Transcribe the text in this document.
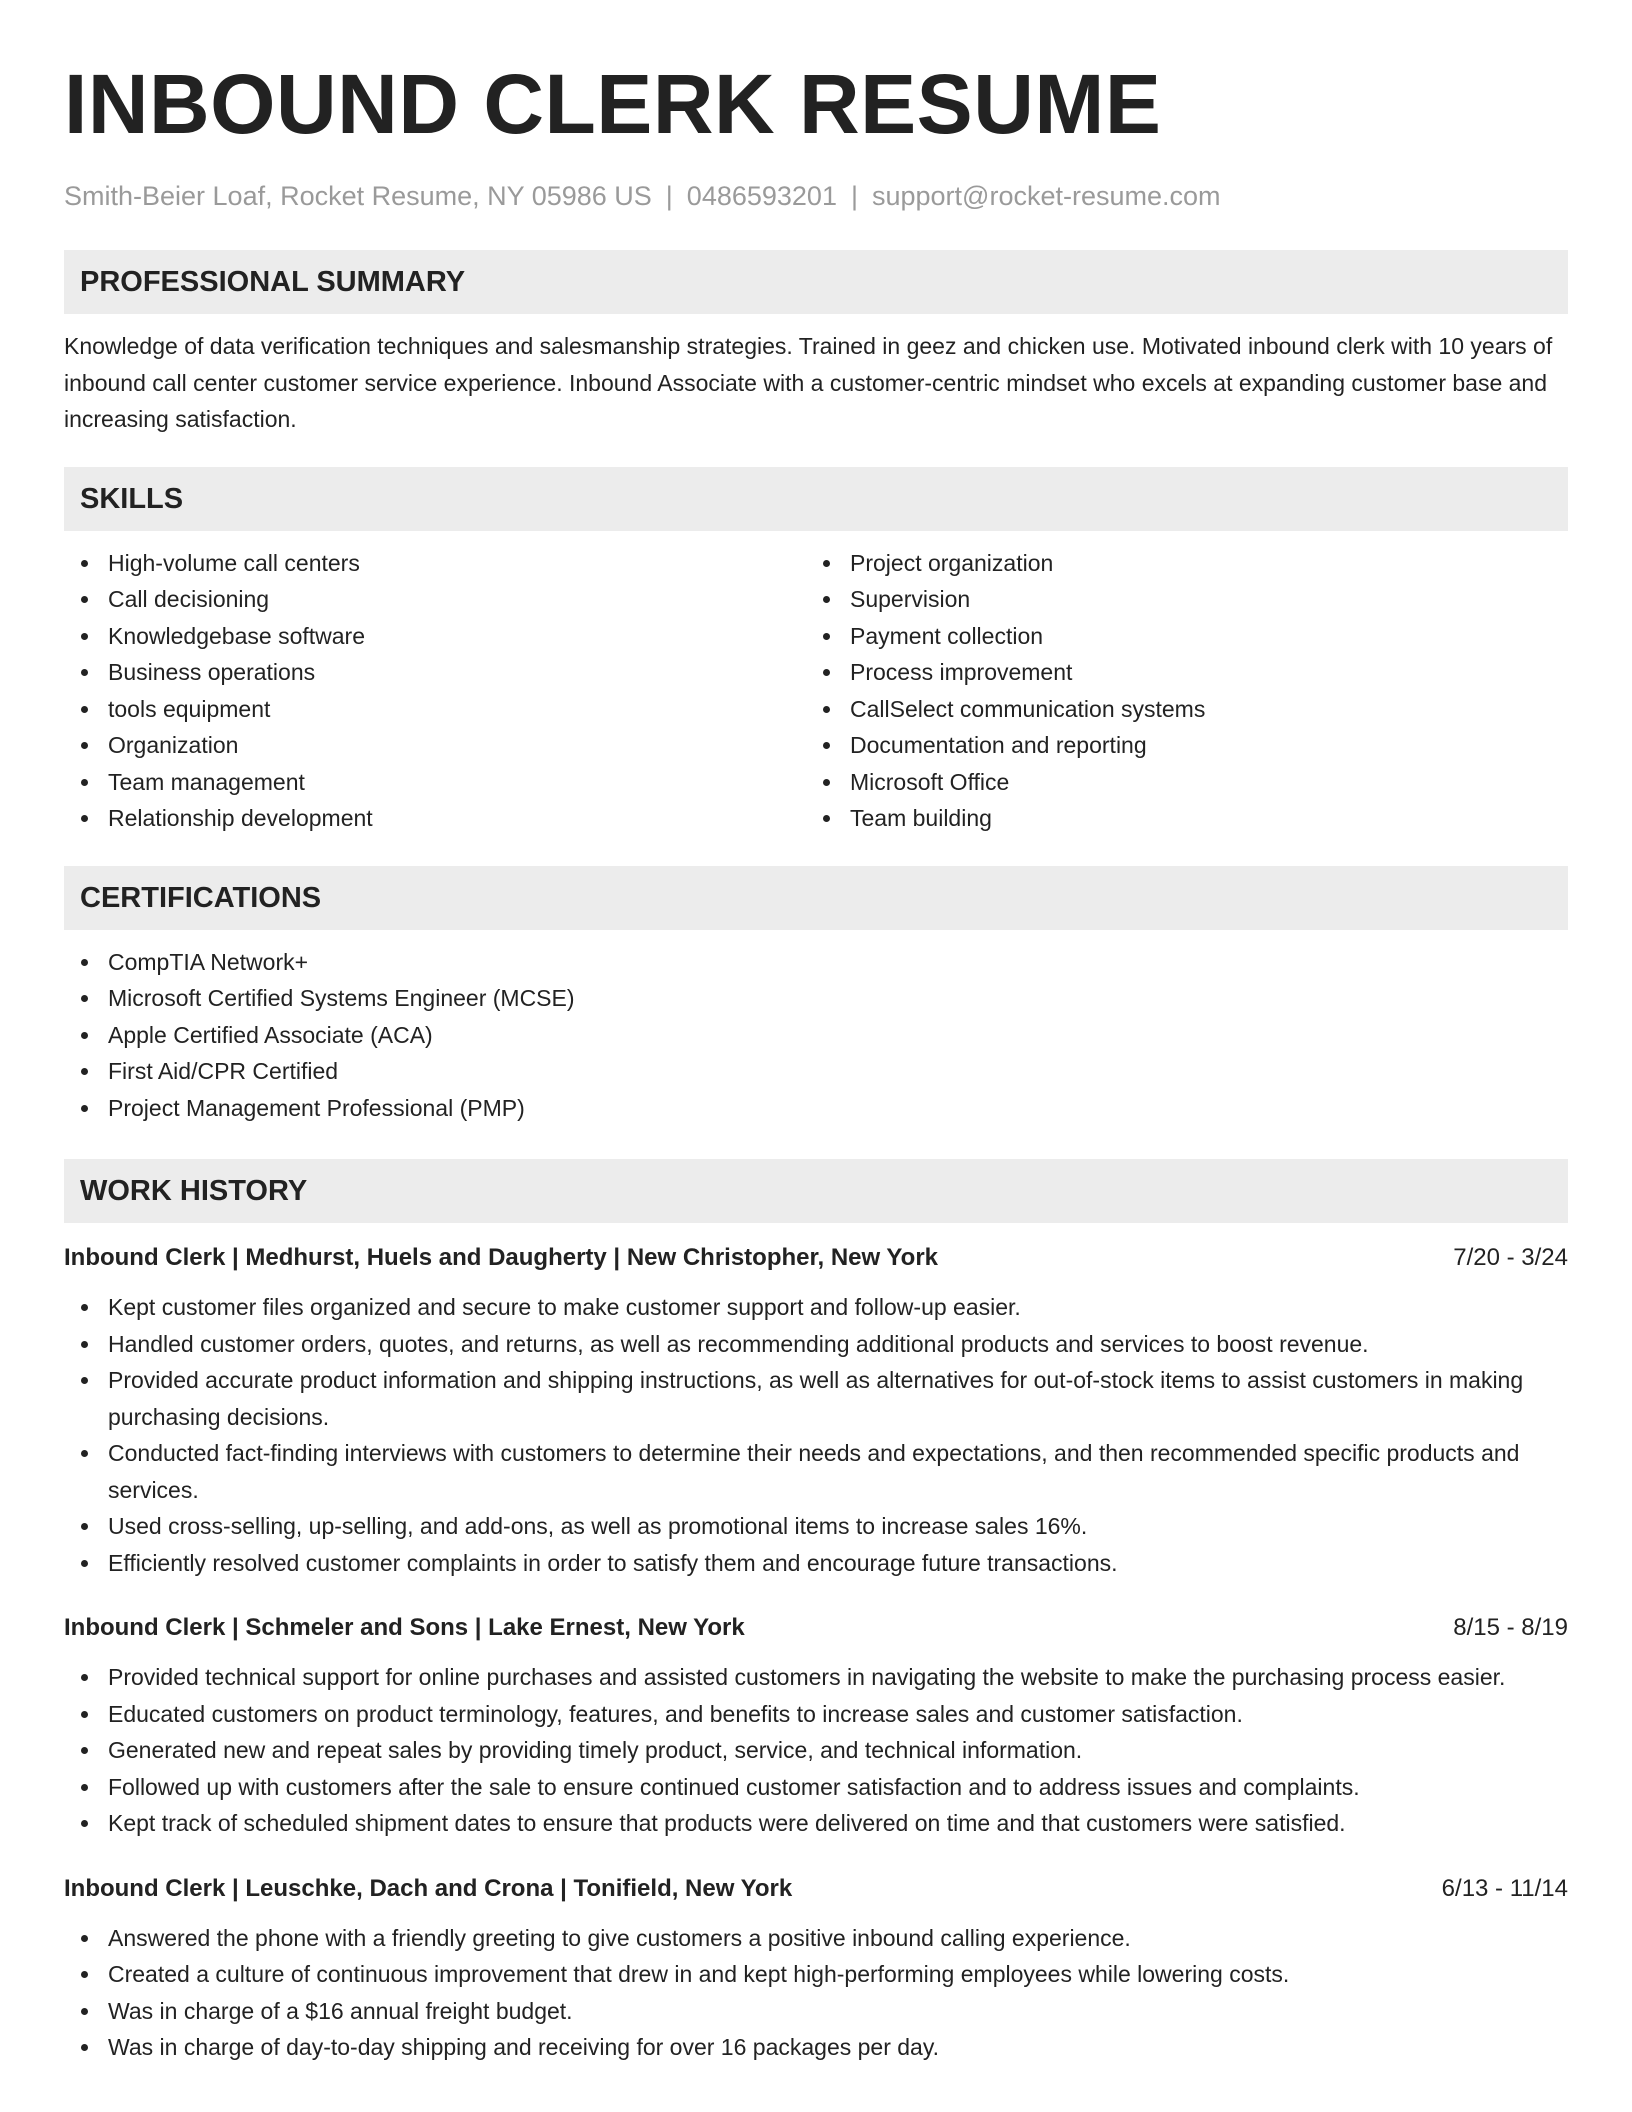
INBOUND CLERK RESUME
Smith-Beier Loaf, Rocket Resume, NY 05986 US | 0486593201 | support@rocket-resume.com
PROFESSIONAL SUMMARY
Knowledge of data verification techniques and salesmanship strategies. Trained in geez and chicken use. Motivated inbound clerk with 10 years of inbound call center customer service experience. Inbound Associate with a customer-centric mindset who excels at expanding customer base and increasing satisfaction.
SKILLS
High-volume call centers
Call decisioning
Knowledgebase software
Business operations
tools equipment
Organization
Team management
Relationship development
Project organization
Supervision
Payment collection
Process improvement
CallSelect communication systems
Documentation and reporting
Microsoft Office
Team building
CERTIFICATIONS
CompTIA Network+
Microsoft Certified Systems Engineer (MCSE)
Apple Certified Associate (ACA)
First Aid/CPR Certified
Project Management Professional (PMP)
WORK HISTORY
Inbound Clerk | Medhurst, Huels and Daugherty | New Christopher, New York	7/20 - 3/24
Kept customer files organized and secure to make customer support and follow-up easier.
Handled customer orders, quotes, and returns, as well as recommending additional products and services to boost revenue.
Provided accurate product information and shipping instructions, as well as alternatives for out-of-stock items to assist customers in making purchasing decisions.
Conducted fact-finding interviews with customers to determine their needs and expectations, and then recommended specific products and services.
Used cross-selling, up-selling, and add-ons, as well as promotional items to increase sales 16%.
Efficiently resolved customer complaints in order to satisfy them and encourage future transactions.
Inbound Clerk | Schmeler and Sons | Lake Ernest, New York	8/15 - 8/19
Provided technical support for online purchases and assisted customers in navigating the website to make the purchasing process easier.
Educated customers on product terminology, features, and benefits to increase sales and customer satisfaction.
Generated new and repeat sales by providing timely product, service, and technical information.
Followed up with customers after the sale to ensure continued customer satisfaction and to address issues and complaints.
Kept track of scheduled shipment dates to ensure that products were delivered on time and that customers were satisfied.
Inbound Clerk | Leuschke, Dach and Crona | Tonifield, New York	6/13 - 11/14
Answered the phone with a friendly greeting to give customers a positive inbound calling experience.
Created a culture of continuous improvement that drew in and kept high-performing employees while lowering costs.
Was in charge of a $16 annual freight budget.
Was in charge of day-to-day shipping and receiving for over 16 packages per day.
